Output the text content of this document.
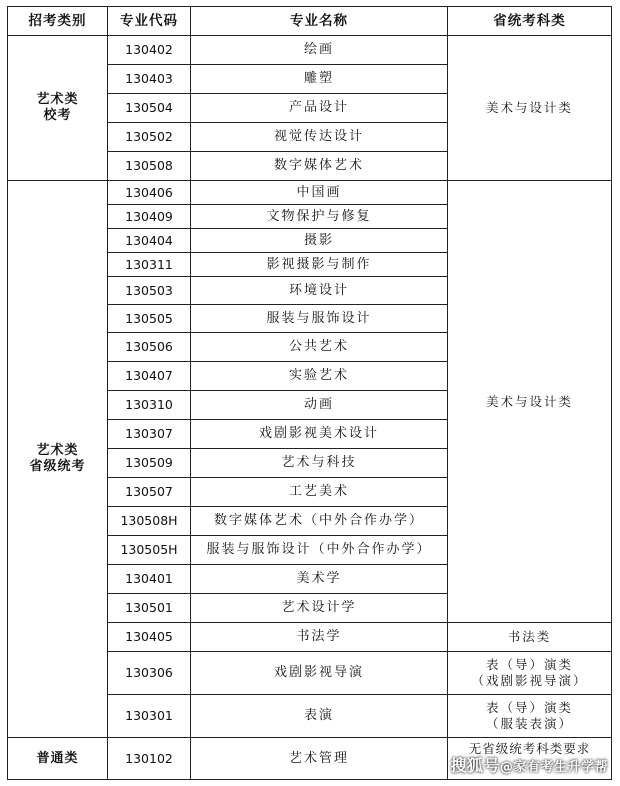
招考类别	专业代码	专业名称	省统考科类

艺术类
校考	130402	绘画	美术与设计类
	130403	雕塑	
	130504	产品设计	
	130502	视觉传达设计	
	130508	数字媒体艺术	

艺术类
省级统考	130406	中国画	美术与设计类
	130409	文物保护与修复	
	130404	摄影	
	130311	影视摄影与制作	
	130503	环境设计	
	130505	服装与服饰设计	
	130506	公共艺术	
	130407	实验艺术	
	130310	动画	
	130307	戏剧影视美术设计	
	130509	艺术与科技	
	130507	工艺美术	
	130508H	数字媒体艺术（中外合作办学）	
	130505H	服装与服饰设计（中外合作办学）	
	130401	美术学	
	130501	艺术设计学	
	130405	书法学	书法类
	130306	戏剧影视导演	表（导）演类
（戏剧影视导演）

	130301	表演	表（导）演类
（服装表演）

普通类	130102	艺术管理	无省级统考科类要求
搜狐号@家有考生升学帮
